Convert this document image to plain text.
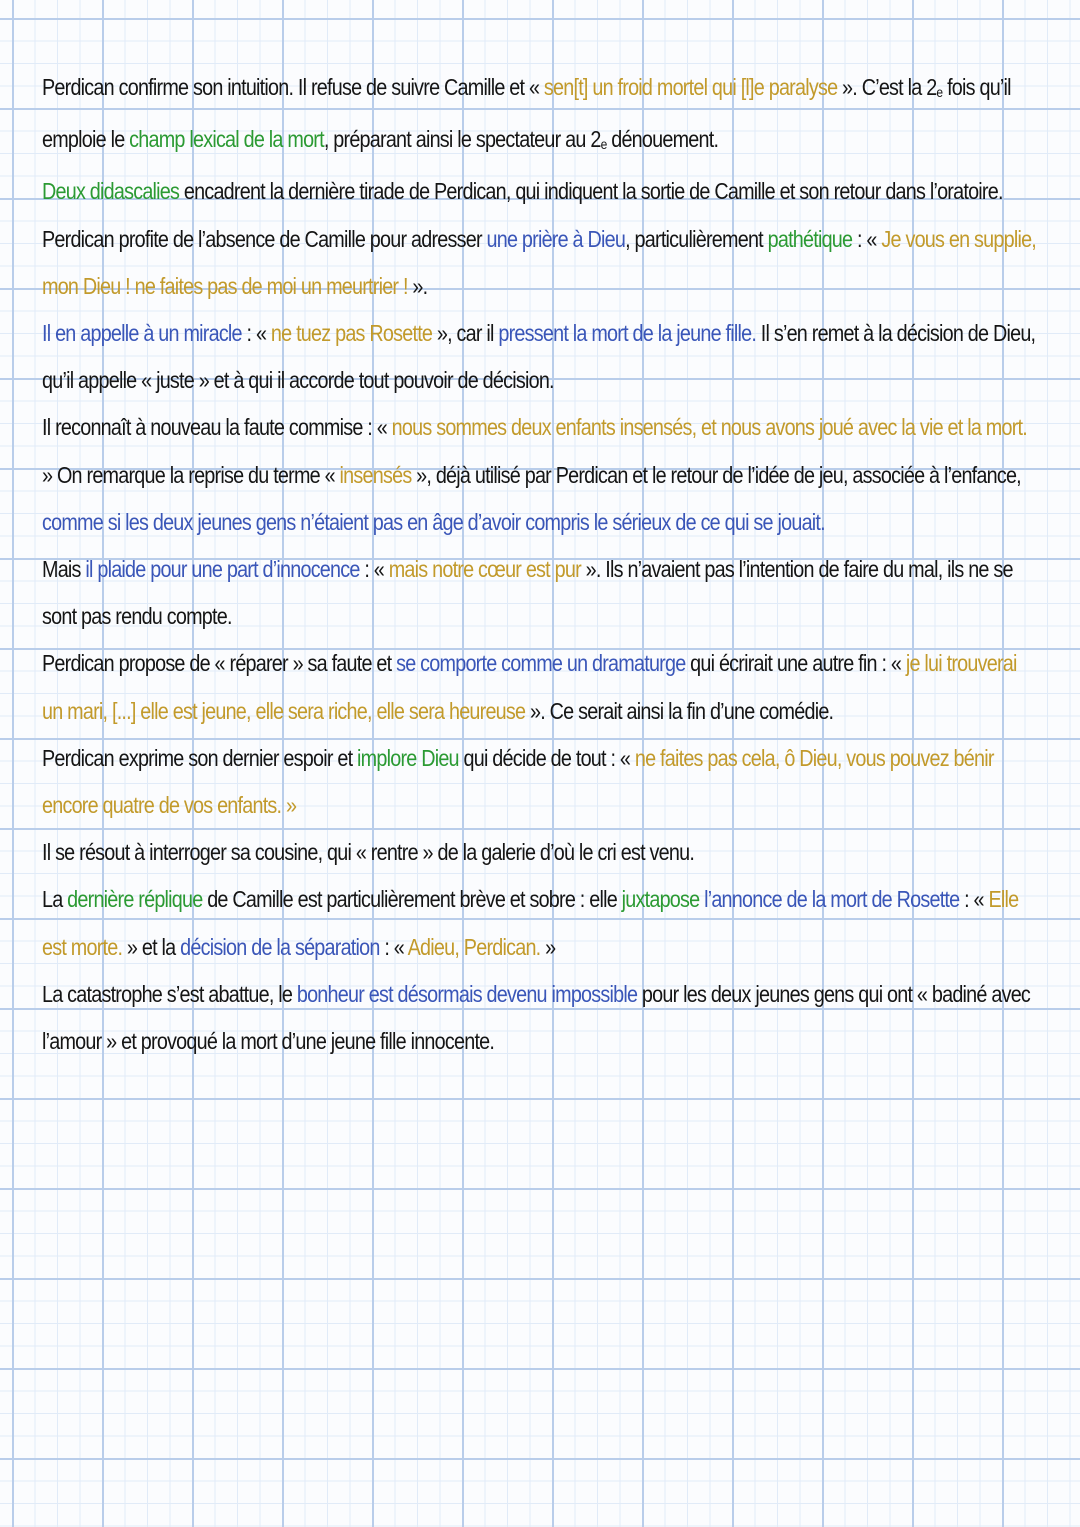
Perdican confirme son intuition. Il refuse de suivre Camille et « sen[t] un froid mortel qui [l]e paralyse ». C’est la 2e fois qu’il emploie le champ lexical de la mort, préparant ainsi le spectateur au 2e dénouement.

Deux didascalies encadrent la dernière tirade de Perdican, qui indiquent la sortie de Camille et son retour dans l’oratoire.

Perdican profite de l’absence de Camille pour adresser une prière à Dieu, particulièrement pathétique : « Je vous en supplie, mon Dieu ! ne faites pas de moi un meurtrier ! ».

Il en appelle à un miracle : « ne tuez pas Rosette », car il pressent la mort de la jeune fille. Il s’en remet à la décision de Dieu, qu’il appelle « juste » et à qui il accorde tout pouvoir de décision.

Il reconnaît à nouveau la faute commise : « nous sommes deux enfants insensés, et nous avons joué avec la vie et la mort. » On remarque la reprise du terme « insensés », déjà utilisé par Perdican et le retour de l’idée de jeu, associée à l’enfance, comme si les deux jeunes gens n’étaient pas en âge d’avoir compris le sérieux de ce qui se jouait.

Mais il plaide pour une part d’innocence : « mais notre cœur est pur ». Ils n’avaient pas l’intention de faire du mal, ils ne se sont pas rendu compte.

Perdican propose de « réparer » sa faute et se comporte comme un dramaturge qui écrirait une autre fin : « je lui trouverai un mari, [...] elle est jeune, elle sera riche, elle sera heureuse ». Ce serait ainsi la fin d’une comédie.

Perdican exprime son dernier espoir et implore Dieu qui décide de tout : « ne faites pas cela, ô Dieu, vous pouvez bénir encore quatre de vos enfants. »

Il se résout à interroger sa cousine, qui « rentre » de la galerie d’où le cri est venu.

La dernière réplique de Camille est particulièrement brève et sobre : elle juxtapose l’annonce de la mort de Rosette : « Elle est morte. » et la décision de la séparation : « Adieu, Perdican. »

La catastrophe s’est abattue, le bonheur est désormais devenu impossible pour les deux jeunes gens qui ont « badiné avec l’amour » et provoqué la mort d’une jeune fille innocente.
